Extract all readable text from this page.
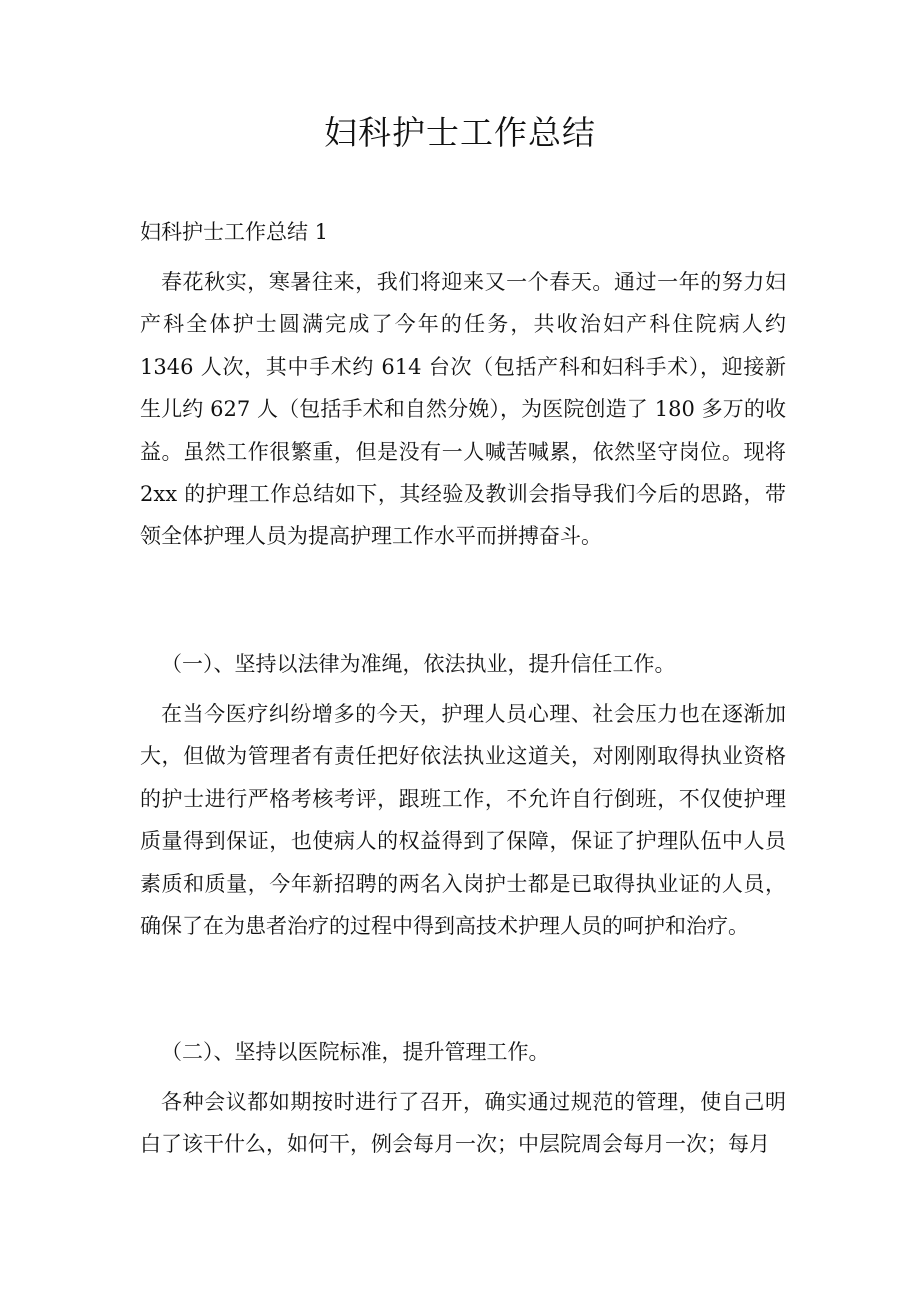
妇科护士工作总结

妇科护士工作总结 1

春花秋实，寒暑往来，我们将迎来又一个春天。通过一年的努力妇产科全体护士圆满完成了今年的任务，共收治妇产科住院病人约 1346 人次，其中手术约 614 台次（包括产科和妇科手术），迎接新生儿约 627 人（包括手术和自然分娩），为医院创造了 180 多万的收益。虽然工作很繁重，但是没有一人喊苦喊累，依然坚守岗位。现将 2xx 的护理工作总结如下，其经验及教训会指导我们今后的思路，带领全体护理人员为提高护理工作水平而拼搏奋斗。

（一）、坚持以法律为准绳，依法执业，提升信任工作。

在当今医疗纠纷增多的今天，护理人员心理、社会压力也在逐渐加大，但做为管理者有责任把好依法执业这道关，对刚刚取得执业资格的护士进行严格考核考评，跟班工作，不允许自行倒班，不仅使护理质量得到保证，也使病人的权益得到了保障，保证了护理队伍中人员素质和质量，今年新招聘的两名入岗护士都是已取得执业证的人员，确保了在为患者治疗的过程中得到高技术护理人员的呵护和治疗。

（二）、坚持以医院标准，提升管理工作。

各种会议都如期按时进行了召开，确实通过规范的管理，使自己明白了该干什么，如何干，例会每月一次；中层院周会每月一次；每月
